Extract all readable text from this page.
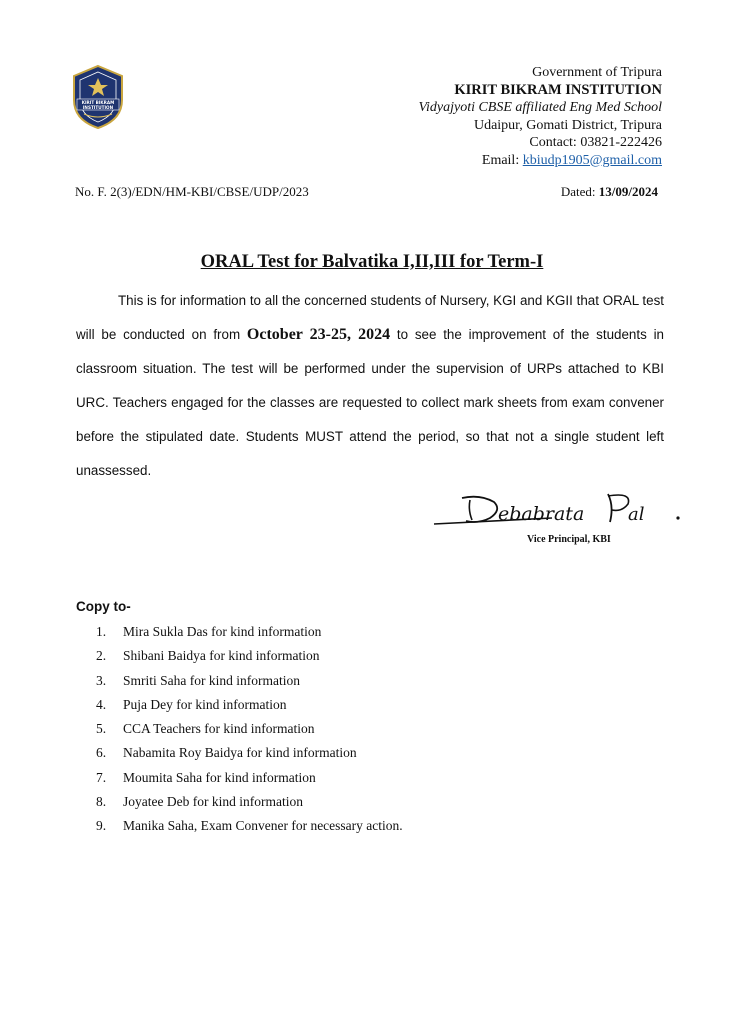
KIRIT BIKRAM
INSTITUTION
Government of Tripura
KIRIT BIKRAM INSTITUTION
Vidyajyoti CBSE affiliated Eng Med School
Udaipur, Gomati District, Tripura
Contact: 03821-222426
Email: kbiudp1905@gmail.com
No. F. 2(3)/EDN/HM-KBI/CBSE/UDP/2023	Dated: 13/09/2024
ORAL Test for Balvatika I,II,III for Term-I
This is for information to all the concerned students of Nursery, KGI and KGII that ORAL test will be conducted on from October 23-25, 2024 to see the improvement of the students in classroom situation. The test will be performed under the supervision of URPs attached to KBI URC. Teachers engaged for the classes are requested to collect mark sheets from exam convener before the stipulated date. Students MUST attend the period, so that not a single student left unassessed.
ebabrata al
Vice Principal, KBI
Copy to-
1. Mira Sukla Das for kind information
2. Shibani Baidya for kind information
3. Smriti Saha for kind information
4. Puja Dey for kind information
5. CCA Teachers for kind information
6. Nabamita Roy Baidya for kind information
7. Moumita Saha for kind information
8. Joyatee Deb for kind information
9. Manika Saha, Exam Convener for necessary action.
